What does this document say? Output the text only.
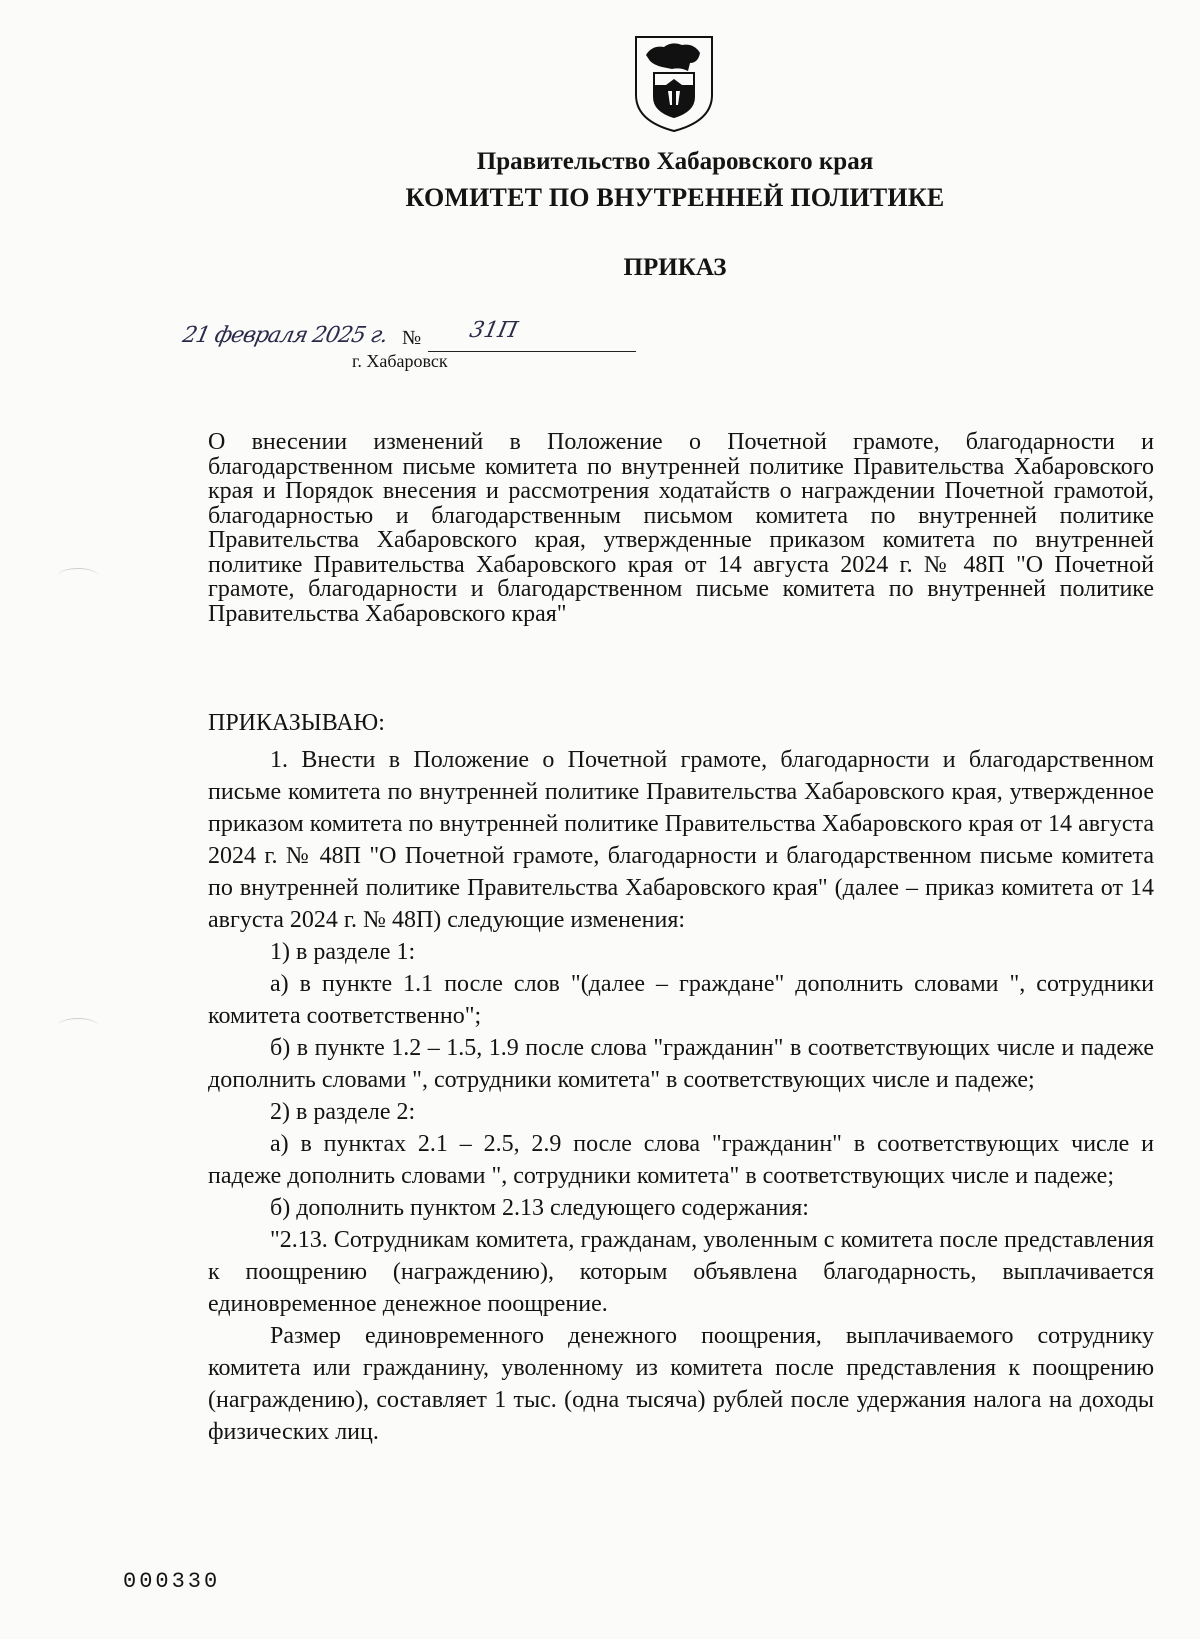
Правительство Хабаровского края
КОМИТЕТ ПО ВНУТРЕННЕЙ ПОЛИТИКЕ
ПРИКАЗ
21 февраля 2025 г. № 31П
г. Хабаровск
О внесении изменений в Положение о Почетной грамоте, благодарности и благодарственном письме комитета по внутренней политике Правительства Хабаровского края и Порядок внесения и рассмотрения ходатайств о награждении Почетной грамотой, благодарностью и благодарственным письмом комитета по внутренней политике Правительства Хабаровского края, утвержденные приказом комитета по внутренней политике Правительства Хабаровского края от 14 августа 2024 г. № 48П "О Почетной грамоте, благодарности и благодарственном письме комитета по внутренней политике Правительства Хабаровского края"
ПРИКАЗЫВАЮ:

1. Внести в Положение о Почетной грамоте, благодарности и благодарственном письме комитета по внутренней политике Правительства Хабаровского края, утвержденное приказом комитета по внутренней политике Правительства Хабаровского края от 14 августа 2024 г. № 48П "О Почетной грамоте, благодарности и благодарственном письме комитета по внутренней политике Правительства Хабаровского края" (далее – приказ комитета от 14 августа 2024 г. № 48П) следующие изменения:

1) в разделе 1:

а) в пункте 1.1 после слов "(далее – граждане" дополнить словами ", сотрудники комитета соответственно";

б) в пункте 1.2 – 1.5, 1.9 после слова "гражданин" в соответствующих числе и падеже дополнить словами ", сотрудники комитета" в соответствующих числе и падеже;

2) в разделе 2:

а) в пунктах 2.1 – 2.5, 2.9 после слова "гражданин" в соответствующих числе и падеже дополнить словами ", сотрудники комитета" в соответствующих числе и падеже;

б) дополнить пунктом 2.13 следующего содержания:

"2.13. Сотрудникам комитета, гражданам, уволенным с комитета после представления к поощрению (награждению), которым объявлена благодарность, выплачивается единовременное денежное поощрение.

Размер единовременного денежного поощрения, выплачиваемого сотруднику комитета или гражданину, уволенному из комитета после представления к поощрению (награждению), составляет 1 тыс. (одна тысяча) рублей после удержания налога на доходы физических лиц.

000330
